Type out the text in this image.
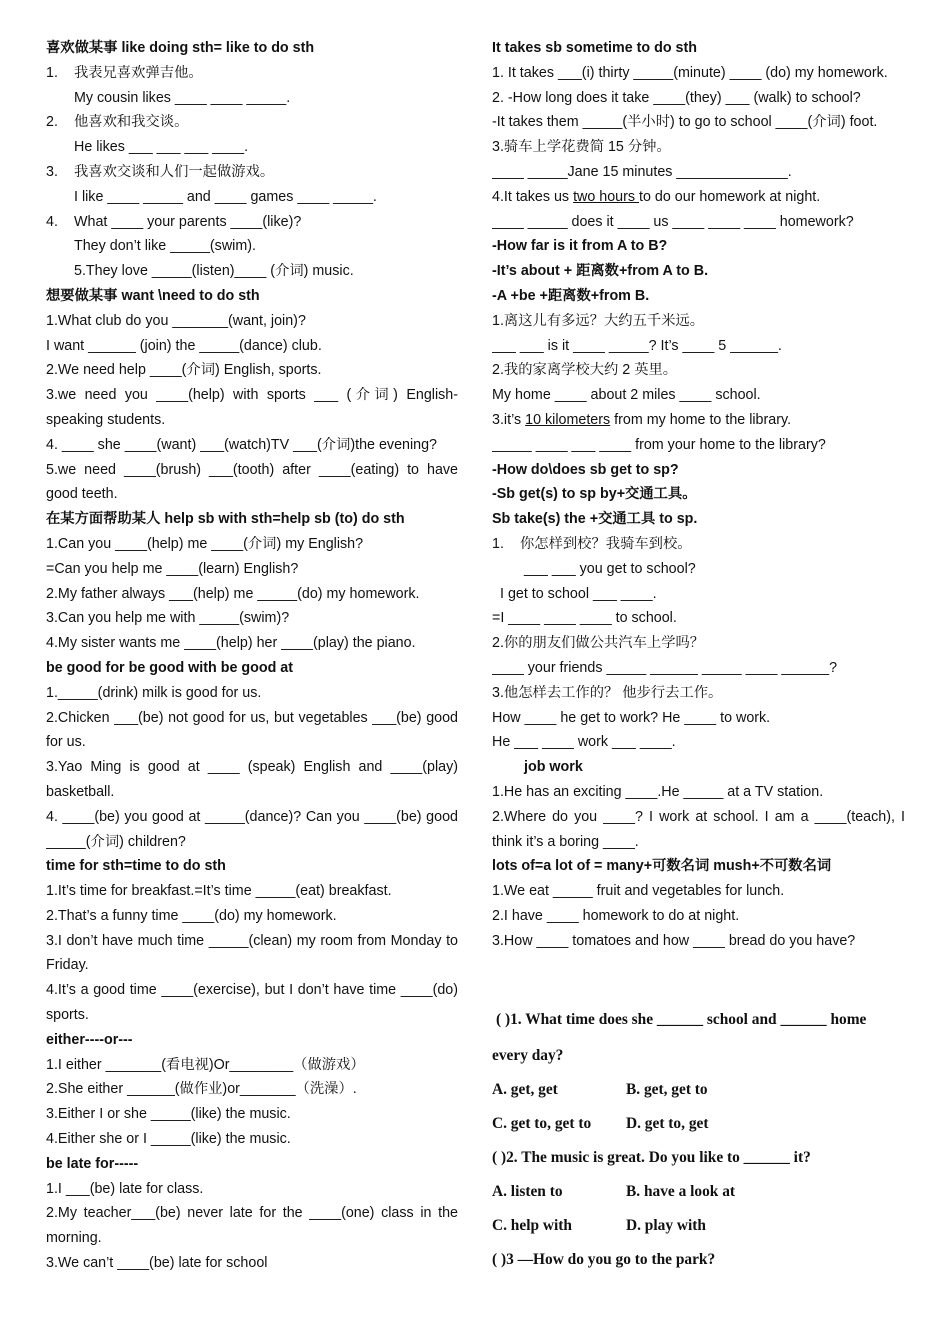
喜欢做某事 like doing sth= like to do sth
1. 我表兄喜欢弹吉他。
My cousin likes ____ ____ _____.
2. 他喜欢和我交谈。
He likes ___ ___ ___ ____.
3. 我喜欢交谈和人们一起做游戏。
I like ____ _____ and ____ games ____ _____.
4. What ____ your parents ____(like)?
They don’t like _____(swim).
5.They love _____(listen)____ (介词) music.
想要做某事 want \need to do sth
1.What club do you _______(want, join)?
I want ______ (join) the _____(dance) club.
2.We need help ____(介词) English, sports.
3.we need you ____(help) with sports ___ (介词) English-speaking students.
4. ____ she ____(want) ___(watch)TV ___(介词)the evening?
5.we need ____(brush) ___(tooth) after ____(eating) to have good teeth.
在某方面帮助某人 help sb with sth=help sb (to) do sth
1.Can you ____(help) me ____(介词) my English?
=Can you help me ____(learn) English?
2.My father always ___(help) me _____(do) my homework.
3.Can you help me with _____(swim)?
4.My sister wants me ____(help) her ____(play) the piano.
be good for be good with be good at
1._____(drink) milk is good for us.
2.Chicken ___(be) not good for us, but vegetables ___(be) good for us.
3.Yao Ming is good at ____ (speak) English and ____(play) basketball.
4. ____(be) you good at _____(dance)? Can you ____(be) good _____(介词) children?
time for sth=time to do sth
1.It’s time for breakfast.=It’s time _____(eat) breakfast.
2.That’s a funny time ____(do) my homework.
3.I don’t have much time _____(clean) my room from Monday to Friday.
4.It’s a good time ____(exercise), but I don’t have time ____(do) sports.
either----or---
1.I either _______(看电视)Or________（做游戏）
2.She either ______(做作业)or_______（洗澡）.
3.Either I or she _____(like) the music.
4.Either she or I _____(like) the music.
be late for-----
1.I ___(be) late for class.
2.My teacher___(be) never late for the ____(one) class in the morning.
3.We can’t ____(be) late for school
It takes sb sometime to do sth
1. It takes ___(i) thirty _____(minute) ____ (do) my homework.
2. -How long does it take ____(they) ___ (walk) to school?
-It takes them _____(半小时) to go to school ____(介词) foot.
3.骑车上学花费简 15 分钟。
____ _____Jane 15 minutes ______________.
4.It takes us two hours to do our homework at night.
____ _____ does it ____ us ____ ____ ____ homework?
-How far is it from A to B?
-It’s about + 距离数+from A to B.
-A +be +距离数+from B.
1.离这儿有多远？大约五千米远。
___ ___ is it ____ _____? It’s ____ 5 ______.
2.我的家离学校大约 2 英里。
My home ____ about 2 miles ____ school.
3.it’s 10 kilometers from my home to the library.
_____ ____ ___ ____ from your home to the library?
-How do\does sb get to sp?
-Sb get(s) to sp by+交通工具。
Sb take(s) the +交通工具 to sp.
1. 你怎样到校？我骑车到校。
___ ___ you get to school?
I get to school ___ ____.
=I ____ ____ ____ to school.
2.你的朋友们做公共汽车上学吗？
____ your friends _____ ______ _____ ____ ______?
3.他怎样去工作的？ 他步行去工作。
How ____ he get to work? He ____ to work.
He ___ ____ work ___ ____.
job work
1.He has an exciting ____.He _____ at a TV station.
2.Where do you ____? I work at school. I am a ____(teach), I think it’s a boring ____.
lots of=a lot of = many+可数名词 mush+不可数名词
1.We eat _____ fruit and vegetables for lunch.
2.I have ____ homework to do at night.
3.How ____ tomatoes and how ____ bread do you have?
( )1. What time does she ______ school and ______ home
every day?
A. get, get	B. get, get to
C. get to, get to D. get to, get
( )2. The music is great. Do you like to ______ it?
A. listen to	B. have a look at
C. help with	D. play with
( )3 —How do you go to the park?
